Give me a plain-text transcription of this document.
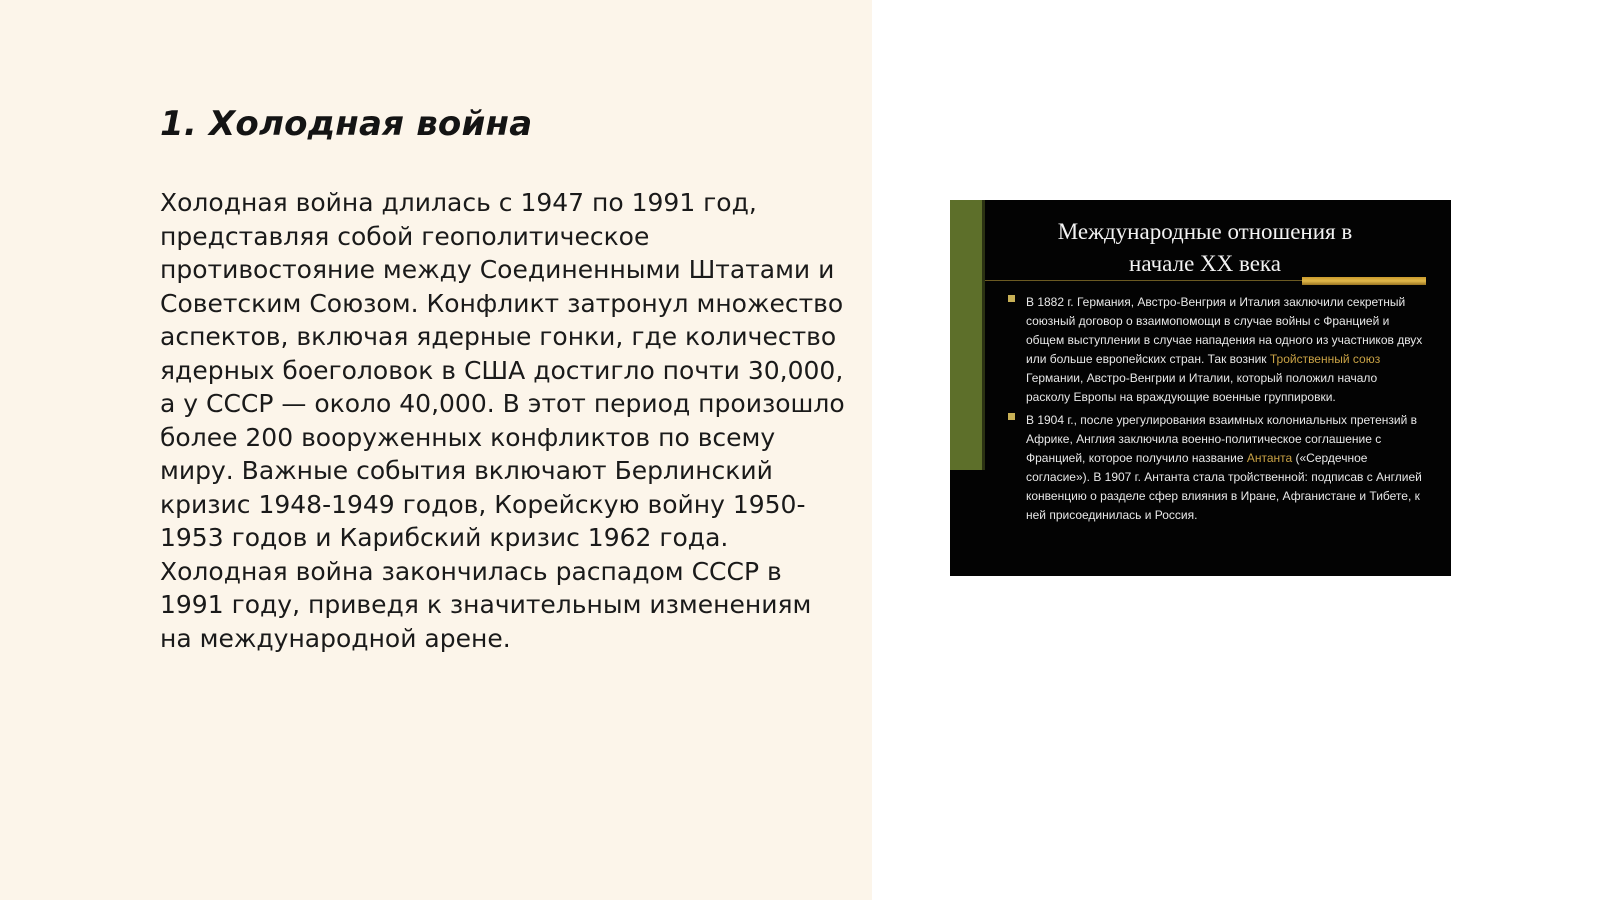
1. Холодная война

Холодная война длилась с 1947 по 1991 год, представляя собой геополитическое противостояние между Соединенными Штатами и Советским Союзом. Конфликт затронул множество аспектов, включая ядерные гонки, где количество ядерных боеголовок в США достигло почти 30,000, а у СССР — около 40,000. В этот период произошло более 200 вооруженных конфликтов по всему миру. Важные события включают Берлинский кризис 1948-1949 годов, Корейскую войну 1950-1953 годов и Карибский кризис 1962 года. Холодная война закончилась распадом СССР в 1991 году, приведя к значительным изменениям на международной арене.

Международные отношения в
начале XX века
В 1882 г. Германия, Австро-Венгрия и Италия заключили секретный союзный договор о взаимопомощи в случае войны с Францией и общем выступлении в случае нападения на одного из участников двух или больше европейских стран. Так возник Тройственный союз Германии, Австро-Венгрии и Италии, который положил начало расколу Европы на враждующие военные группировки.
В 1904 г., после урегулирования взаимных колониальных претензий в Африке, Англия заключила военно-политическое соглашение с Францией, которое получило название Антанта («Сердечное согласие»). В 1907 г. Антанта стала тройственной: подписав с Англией конвенцию о разделе сфер влияния в Иране, Афганистане и Тибете, к ней присоединилась и Россия.
